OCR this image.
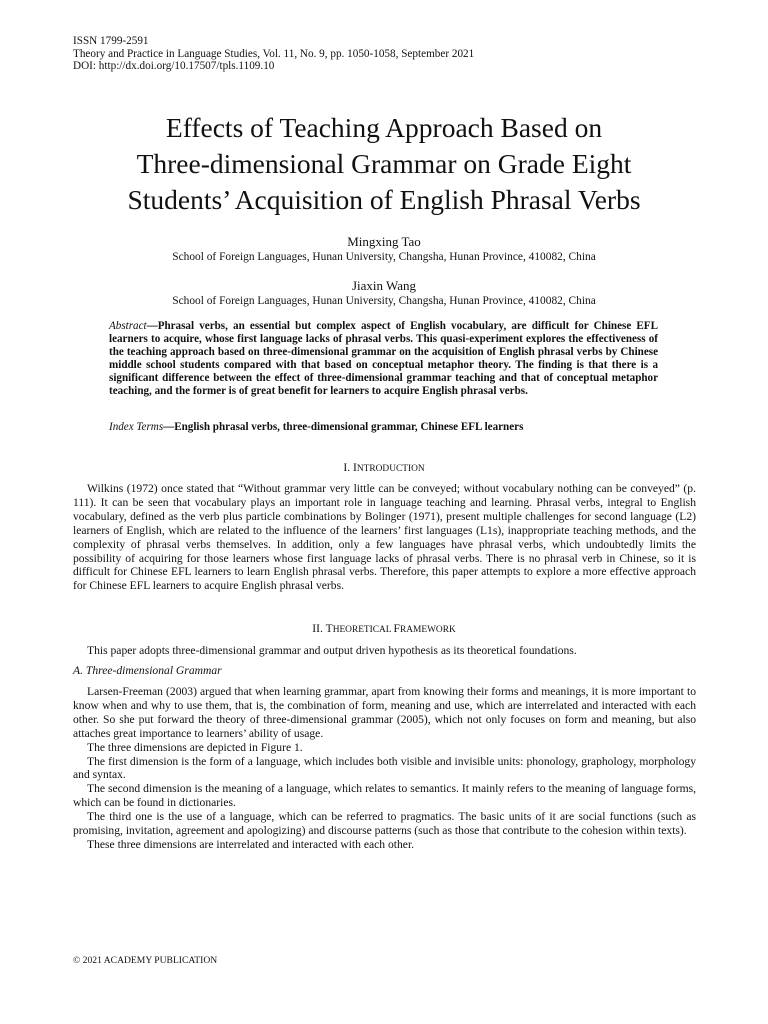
ISSN 1799-2591
Theory and Practice in Language Studies, Vol. 11, No. 9, pp. 1050-1058, September 2021
DOI: http://dx.doi.org/10.17507/tpls.1109.10
Effects of Teaching Approach Based on
Three-dimensional Grammar on Grade Eight
Students’ Acquisition of English Phrasal Verbs
Mingxing Tao
School of Foreign Languages, Hunan University, Changsha, Hunan Province, 410082, China
Jiaxin Wang
School of Foreign Languages, Hunan University, Changsha, Hunan Province, 410082, China
Abstract—Phrasal verbs, an essential but complex aspect of English vocabulary, are difficult for Chinese EFL learners to acquire, whose first language lacks of phrasal verbs. This quasi-experiment explores the effectiveness of the teaching approach based on three-dimensional grammar on the acquisition of English phrasal verbs by Chinese middle school students compared with that based on conceptual metaphor theory. The finding is that there is a significant difference between the effect of three-dimensional grammar teaching and that of conceptual metaphor teaching, and the former is of great benefit for learners to acquire English phrasal verbs.
Index Terms—English phrasal verbs, three-dimensional grammar, Chinese EFL learners
I. INTRODUCTION

Wilkins (1972) once stated that “Without grammar very little can be conveyed; without vocabulary nothing can be conveyed” (p. 111). It can be seen that vocabulary plays an important role in language teaching and learning. Phrasal verbs, integral to English vocabulary, defined as the verb plus particle combinations by Bolinger (1971), present multiple challenges for second language (L2) learners of English, which are related to the influence of the learners’ first languages (L1s), inappropriate teaching methods, and the complexity of phrasal verbs themselves. In addition, only a few languages have phrasal verbs, which undoubtedly limits the possibility of acquiring for those learners whose first language lacks of phrasal verbs. There is no phrasal verb in Chinese, so it is difficult for Chinese EFL learners to learn English phrasal verbs. Therefore, this paper attempts to explore a more effective approach for Chinese EFL learners to acquire English phrasal verbs.

II. THEORETICAL FRAMEWORK

This paper adopts three-dimensional grammar and output driven hypothesis as its theoretical foundations.

A. Three-dimensional Grammar

Larsen-Freeman (2003) argued that when learning grammar, apart from knowing their forms and meanings, it is more important to know when and why to use them, that is, the combination of form, meaning and use, which are interrelated and interacted with each other. So she put forward the theory of three-dimensional grammar (2005), which not only focuses on form and meaning, but also attaches great importance to learners’ ability of usage.

The three dimensions are depicted in Figure 1.

The first dimension is the form of a language, which includes both visible and invisible units: phonology, graphology, morphology and syntax.

The second dimension is the meaning of a language, which relates to semantics. It mainly refers to the meaning of language forms, which can be found in dictionaries.

The third one is the use of a language, which can be referred to pragmatics. The basic units of it are social functions (such as promising, invitation, agreement and apologizing) and discourse patterns (such as those that contribute to the cohesion within texts).

These three dimensions are interrelated and interacted with each other.

© 2021 ACADEMY PUBLICATION
